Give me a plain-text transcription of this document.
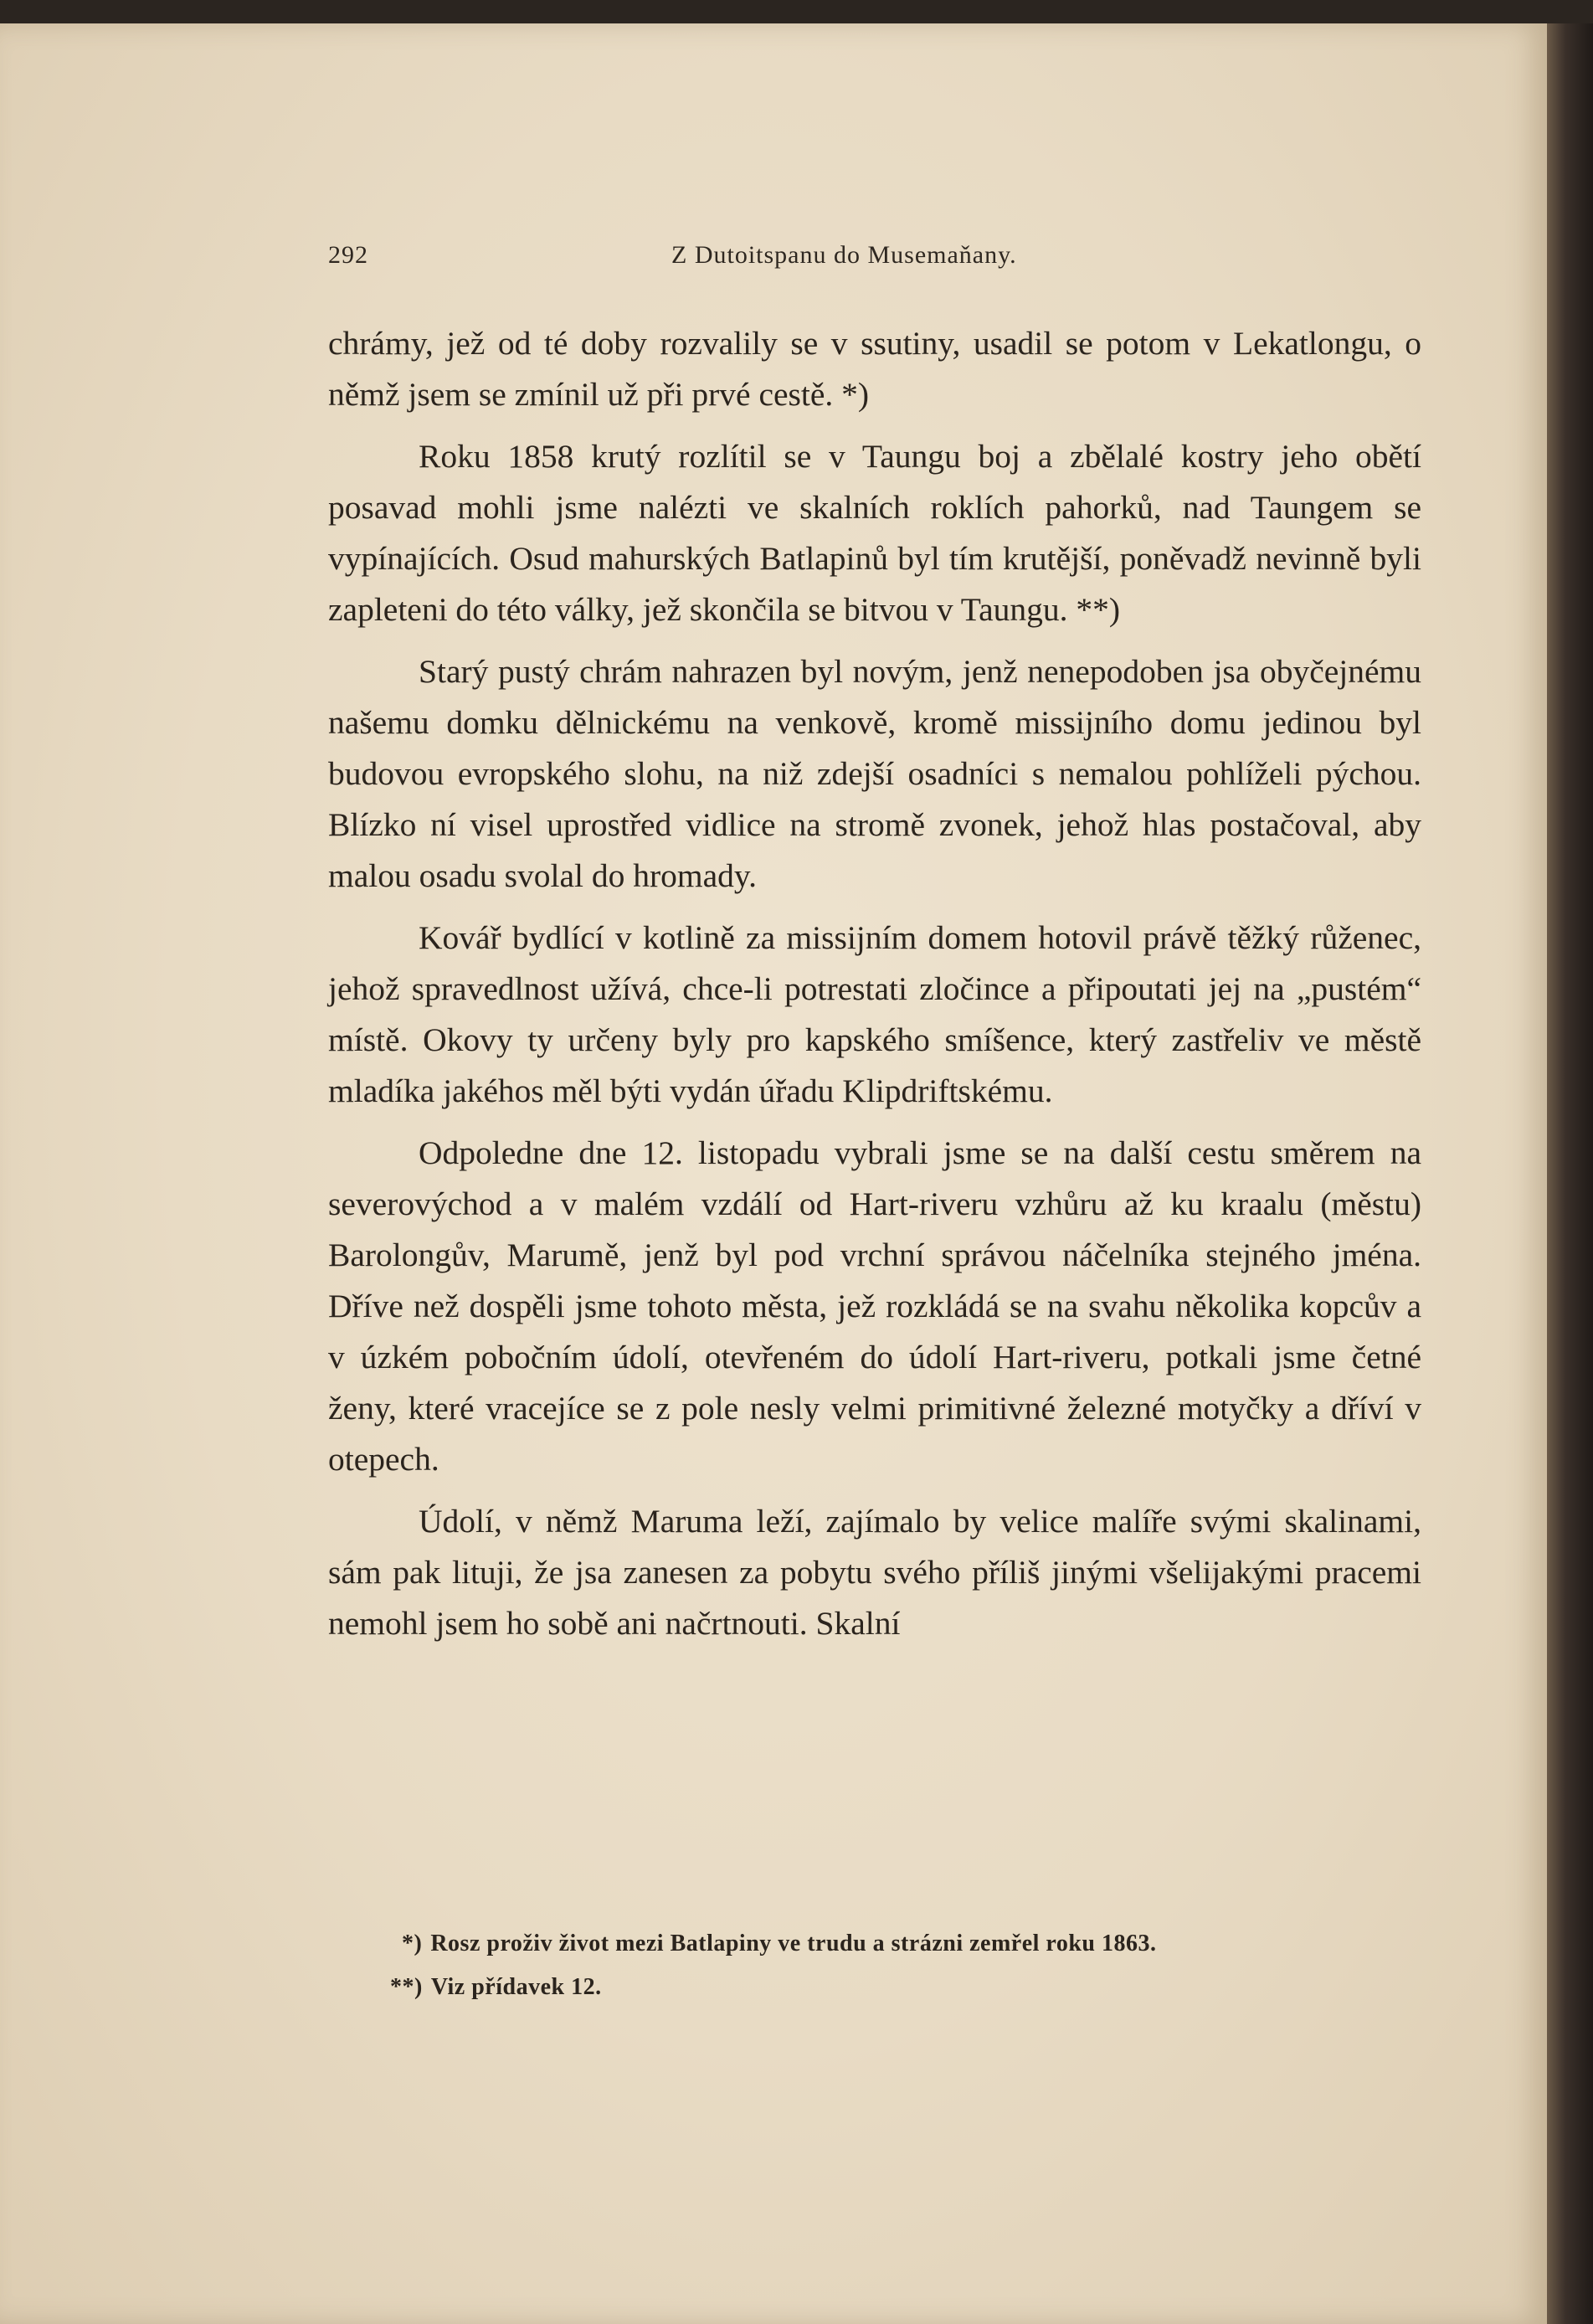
292	Z Dutoitspanu do Musemaňany.

chrámy, jež od té doby rozvalily se v ssutiny, usadil se potom v Lekatlongu, o němž jsem se zmínil už při prvé cestě. *)

Roku 1858 krutý rozlítil se v Taungu boj a zbělalé kostry jeho obětí posavad mohli jsme nalézti ve skalních roklích pahorků, nad Taungem se vypínajících. Osud mahurských Batlapinů byl tím krutější, poněvadž nevinně byli zapleteni do této války, jež skončila se bitvou v Taungu. **)

Starý pustý chrám nahrazen byl novým, jenž nenepodoben jsa obyčejnému našemu domku dělnickému na venkově, kromě missijního domu jedinou byl budovou evropského slohu, na niž zdejší osadníci s nemalou pohlíželi pýchou. Blízko ní visel uprostřed vidlice na stromě zvonek, jehož hlas postačoval, aby malou osadu svolal do hromady.

Kovář bydlící v kotlině za missijním domem hotovil právě těžký růženec, jehož spravedlnost užívá, chce-li potrestati zločince a připoutati jej na „pustém“ místě. Okovy ty určeny byly pro kapského smíšence, který zastřeliv ve městě mladíka jakéhos měl býti vydán úřadu Klipdriftskému.

Odpoledne dne 12. listopadu vybrali jsme se na další cestu směrem na severovýchod a v malém vzdálí od Hart-riveru vzhůru až ku kraalu (městu) Barolongův, Marumě, jenž byl pod vrchní správou náčelníka stejného jména. Dříve než dospěli jsme tohoto města, jež rozkládá se na svahu několika kopcův a v úzkém pobočním údolí, otevřeném do údolí Hart-riveru, potkali jsme četné ženy, které vracejíce se z pole nesly velmi primitivné železné motyčky a dříví v otepech.

Údolí, v němž Maruma leží, zajímalo by velice malíře svými skalinami, sám pak lituji, že jsa zanesen za pobytu svého příliš jinými všelijakými pracemi nemohl jsem ho sobě ani načrtnouti. Skalní

*) Rosz proživ život mezi Batlapiny ve trudu a strázni zemřel roku 1863.
**) Viz přídavek 12.
